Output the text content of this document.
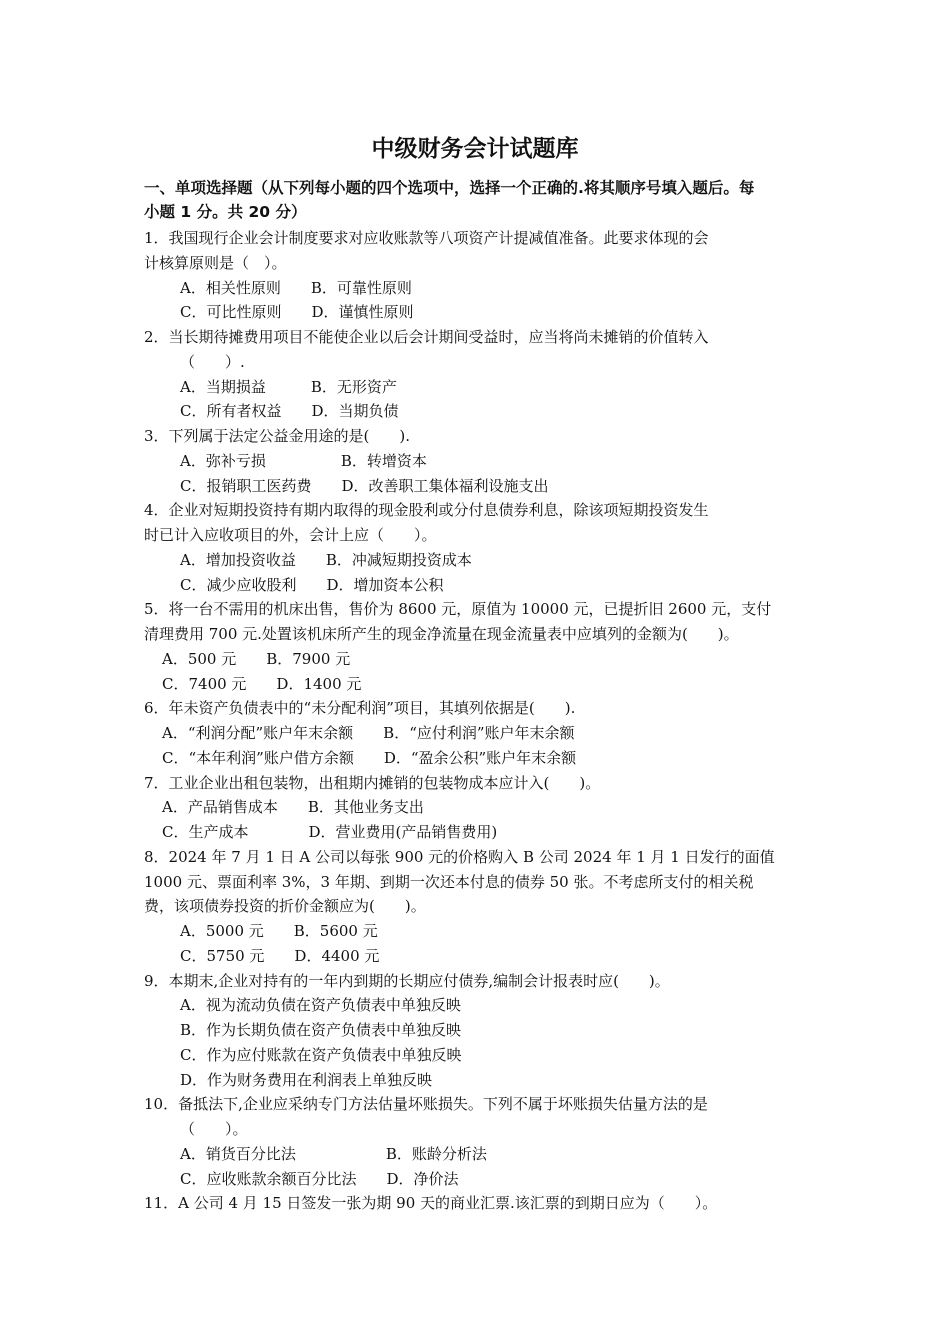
中级财务会计试题库
一、单项选择题（从下列每小题的四个选项中，选择一个正确的.将其顺序号填入题后。每
小题 1 分。共 20 分）
1．我国现行企业会计制度要求对应收账款等八项资产计提减值准备。此要求体现的会
计核算原则是（　）。
A．相关性原则　　B．可靠性原则
C．可比性原则　　D．谨慎性原则
2．当长期待摊费用项目不能使企业以后会计期间受益时，应当将尚未摊销的价值转入
（　　）.
A．当期损益　　　B．无形资产
C．所有者权益　　D．当期负债
3．下列属于法定公益金用途的是(　　).
A．弥补亏损　　　　　B．转增资本
C．报销职工医药费　　D．改善职工集体福利设施支出
4．企业对短期投资持有期内取得的现金股利或分付息债券利息，除该项短期投资发生
时已计入应收项目的外，会计上应（　　）。
A．增加投资收益　　B．冲减短期投资成本
C．减少应收股利　　D．增加资本公积
5．将一台不需用的机床出售，售价为 8600 元，原值为 10000 元，已提折旧 2600 元，支付
清理费用 700 元.处置该机床所产生的现金净流量在现金流量表中应填列的金额为(　　)。
A．500 元　　B．7900 元
C．7400 元　　D．1400 元
6．年未资产负债表中的“未分配利润”项目，其填列依据是(　　).
A．“利润分配”账户年末余额　　B．“应付利润”账户年末余额
C．“本年利润”账户借方余额　　D．“盈余公积”账户年末余额
7．工业企业出租包装物，出租期内摊销的包装物成本应计入(　　)。
A．产品销售成本　　B．其他业务支出
C．生产成本　　　　D．营业费用(产品销售费用)
8．2024 年 7 月 1 日 A 公司以每张 900 元的价格购入 B 公司 2024 年 1 月 1 日发行的面值
1000 元、票面利率 3%，3 年期、到期一次还本付息的债券 50 张。不考虑所支付的相关税
费，该项债券投资的折价金额应为(　　)。
A．5000 元　　B．5600 元
C．5750 元　　D．4400 元
9．本期末,企业对持有的一年内到期的长期应付债券,编制会计报表时应(　　)。
A．视为流动负债在资产负债表中单独反映
B．作为长期负债在资产负债表中单独反映
C．作为应付账款在资产负债表中单独反映
D．作为财务费用在利润表上单独反映
10．备抵法下,企业应采纳专门方法估量坏账损失。下列不属于坏账损失估量方法的是
（　　）。
A．销货百分比法　　　　　　B．账龄分析法
C．应收账款余额百分比法　　D．净价法
11．A 公司 4 月 15 日签发一张为期 90 天的商业汇票.该汇票的到期日应为（　　）。
